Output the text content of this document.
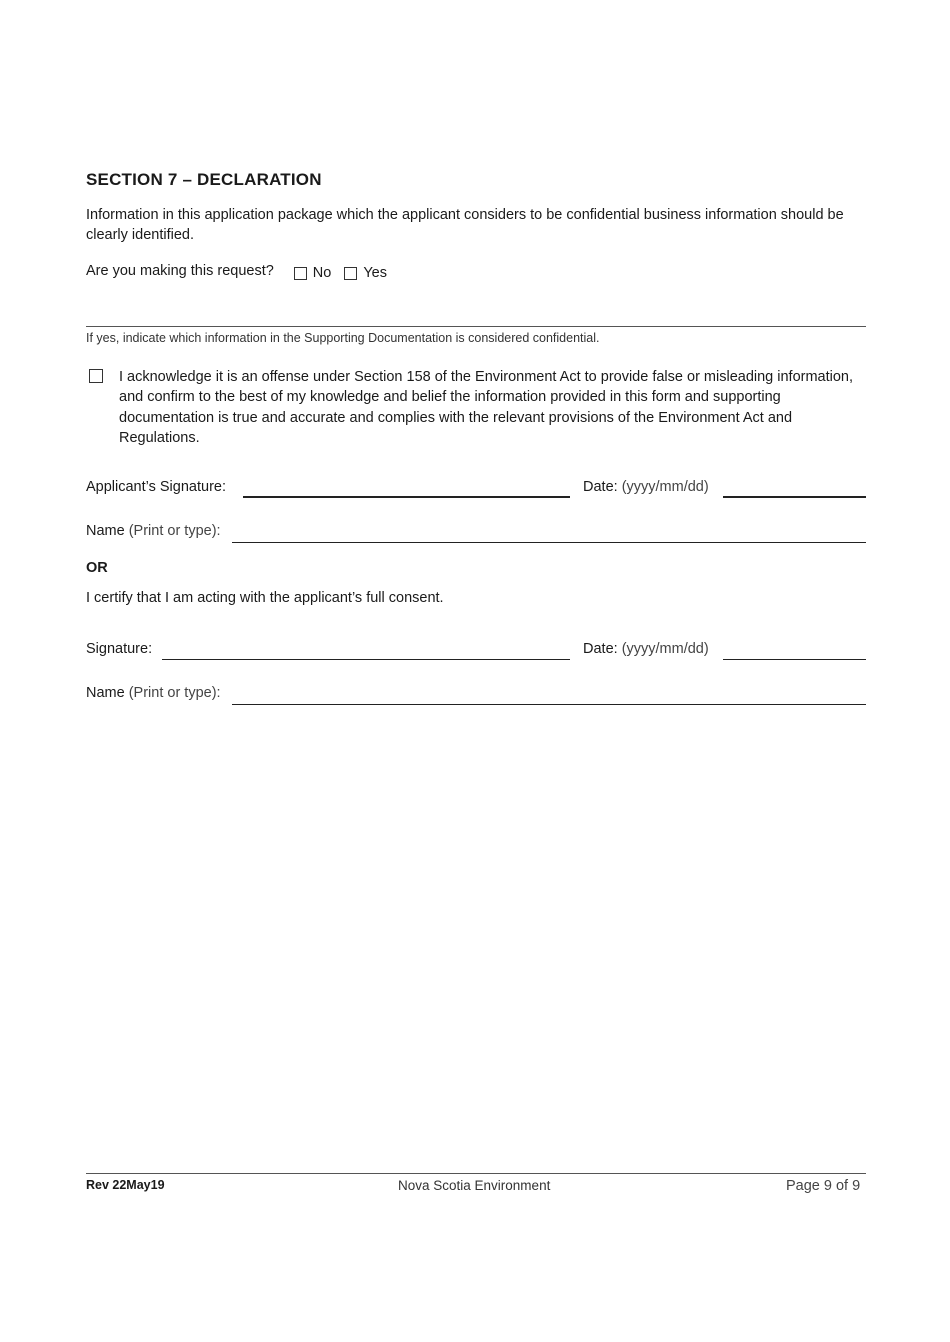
SECTION 7 – DECLARATION
Information in this application package which the applicant considers to be confidential business information should be clearly identified.
Are you making this request?	No Yes
If yes, indicate which information in the Supporting Documentation is considered confidential.
I acknowledge it is an offense under Section 158 of the Environment Act to provide false or misleading information, and confirm to the best of my knowledge and belief the information provided in this form and supporting documentation is true and accurate and complies with the relevant provisions of the Environment Act and Regulations.
Applicant’s Signature:	Date: (yyyy/mm/dd)
Name (Print or type):
OR
I certify that I am acting with the applicant’s full consent.
Signature:	Date: (yyyy/mm/dd)
Name (Print or type):
Rev 22May19	Nova Scotia Environment	Page 9 of 9
